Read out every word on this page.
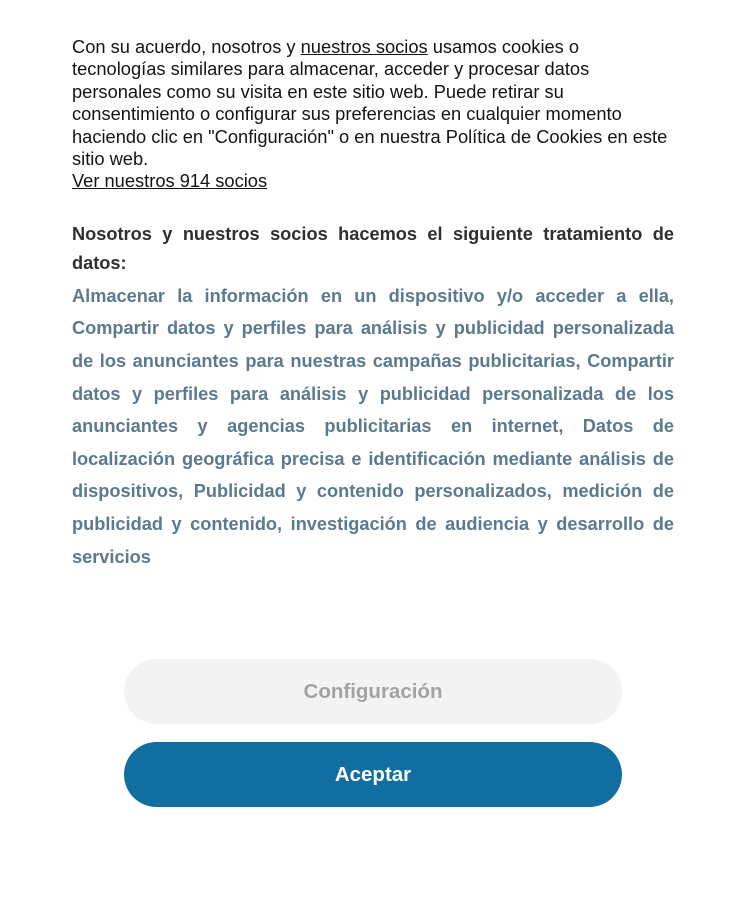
Con su acuerdo, nosotros y nuestros socios usamos cookies o tecnologías similares para almacenar, acceder y procesar datos personales como su visita en este sitio web. Puede retirar su consentimiento o configurar sus preferencias en cualquier momento haciendo clic en "Configuración" o en nuestra Política de Cookies en este sitio web.

Ver nuestros 914 socios
Nosotros y nuestros socios hacemos el siguiente tratamiento de datos:
Almacenar la información en un dispositivo y/o acceder a ella, Compartir datos y perfiles para análisis y publicidad personalizada de los anunciantes para nuestras campañas publicitarias, Compartir datos y perfiles para análisis y publicidad personalizada de los anunciantes y agencias publicitarias en internet, Datos de localización geográfica precisa e identificación mediante análisis de dispositivos, Publicidad y contenido personalizados, medición de publicidad y contenido, investigación de audiencia y desarrollo de servicios
Configuración
Aceptar
